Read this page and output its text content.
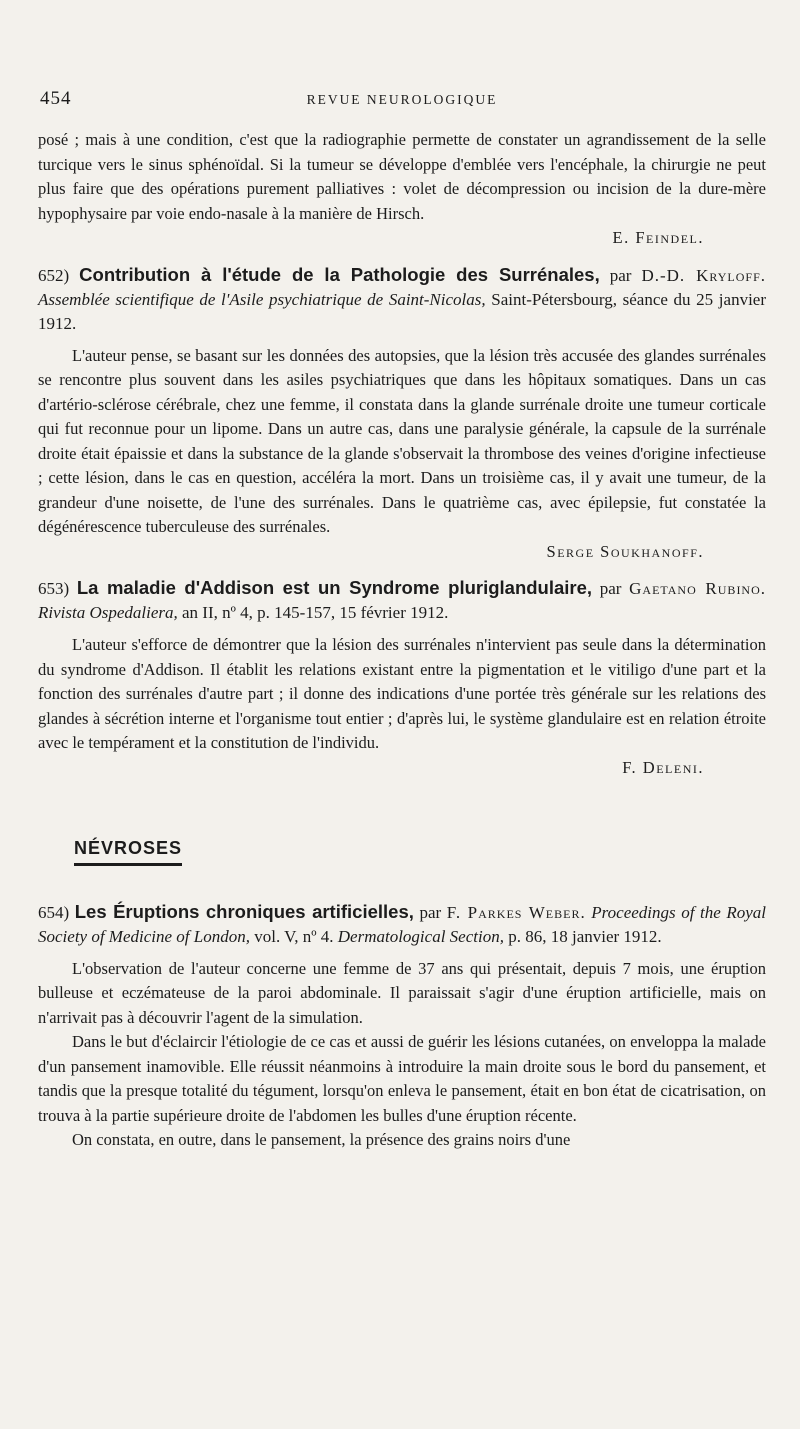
454	REVUE NEUROLOGIQUE

posé ; mais à une condition, c'est que la radiographie permette de constater un agrandissement de la selle turcique vers le sinus sphénoïdal. Si la tumeur se développe d'emblée vers l'encéphale, la chirurgie ne peut plus faire que des opérations purement palliatives : volet de décompression ou incision de la dure-mère hypophysaire par voie endo-nasale à la manière de Hirsch.

E. Feindel.

652) Contribution à l'étude de la Pathologie des Surrénales, par D.-D. Kryloff. Assemblée scientifique de l'Asile psychiatrique de Saint-Nicolas, Saint-Pétersbourg, séance du 25 janvier 1912.

L'auteur pense, se basant sur les données des autopsies, que la lésion très accusée des glandes surrénales se rencontre plus souvent dans les asiles psychiatriques que dans les hôpitaux somatiques. Dans un cas d'artério-sclérose cérébrale, chez une femme, il constata dans la glande surrénale droite une tumeur corticale qui fut reconnue pour un lipome. Dans un autre cas, dans une paralysie générale, la capsule de la surrénale droite était épaissie et dans la substance de la glande s'observait la thrombose des veines d'origine infectieuse ; cette lésion, dans le cas en question, accéléra la mort. Dans un troisième cas, il y avait une tumeur, de la grandeur d'une noisette, de l'une des surrénales. Dans le quatrième cas, avec épilepsie, fut constatée la dégénérescence tuberculeuse des surrénales.

Serge Soukhanoff.

653) La maladie d'Addison est un Syndrome pluriglandulaire, par Gaetano Rubino. Rivista Ospedaliera, an II, nº 4, p. 145-157, 15 février 1912.

L'auteur s'efforce de démontrer que la lésion des surrénales n'intervient pas seule dans la détermination du syndrome d'Addison. Il établit les relations existant entre la pigmentation et le vitiligo d'une part et la fonction des surrénales d'autre part ; il donne des indications d'une portée très générale sur les relations des glandes à sécrétion interne et l'organisme tout entier ; d'après lui, le système glandulaire est en relation étroite avec le tempérament et la constitution de l'individu.

F. Deleni.

NÉVROSES

654) Les Éruptions chroniques artificielles, par F. Parkes Weber. Proceedings of the Royal Society of Medicine of London, vol. V, nº 4. Dermatological Section, p. 86, 18 janvier 1912.

L'observation de l'auteur concerne une femme de 37 ans qui présentait, depuis 7 mois, une éruption bulleuse et eczémateuse de la paroi abdominale. Il paraissait s'agir d'une éruption artificielle, mais on n'arrivait pas à découvrir l'agent de la simulation.

Dans le but d'éclaircir l'étiologie de ce cas et aussi de guérir les lésions cutanées, on enveloppa la malade d'un pansement inamovible. Elle réussit néanmoins à introduire la main droite sous le bord du pansement, et tandis que la presque totalité du tégument, lorsqu'on enleva le pansement, était en bon état de cicatrisation, on trouva à la partie supérieure droite de l'abdomen les bulles d'une éruption récente.

On constata, en outre, dans le pansement, la présence des grains noirs d'une
